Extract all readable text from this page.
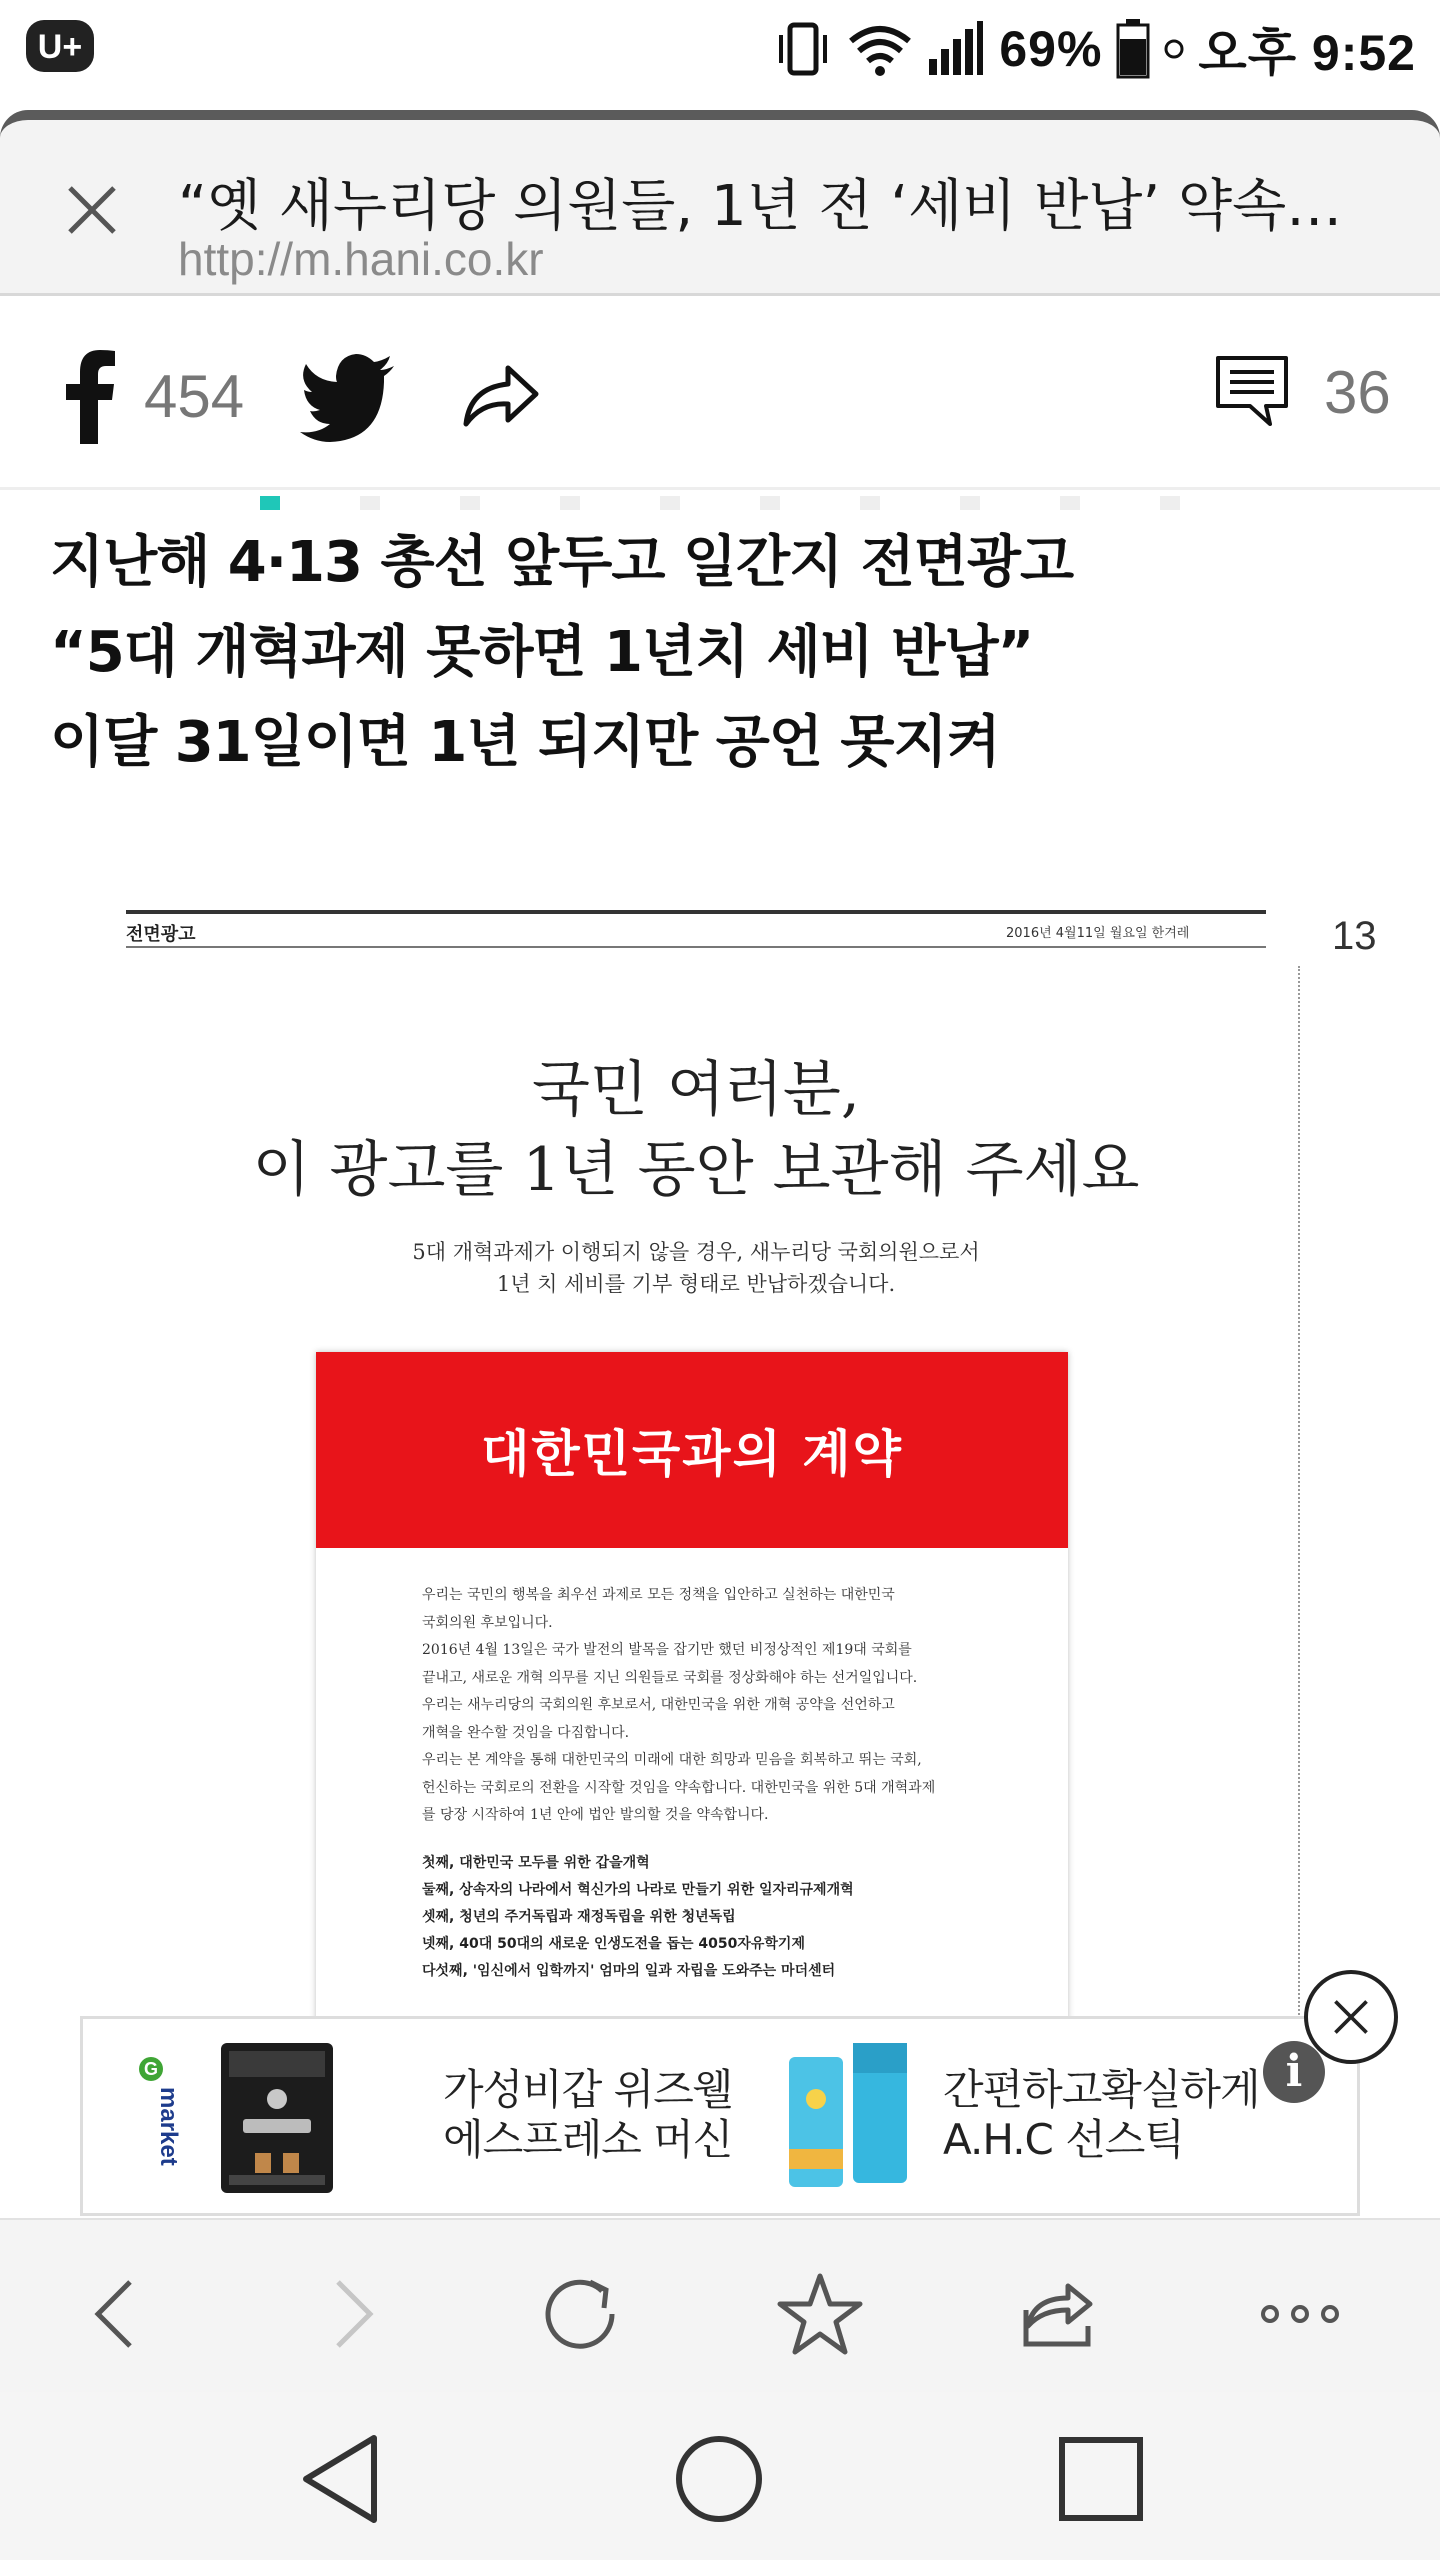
U+	69% 오후 9:52
“옛 새누리당 의원들, 1년 전 ‘세비 반납’ 약속…
http://m.hani.co.kr
454	36
지난해 4·13 총선 앞두고 일간지 전면광고
“5대 개혁과제 못하면 1년치 세비 반납”
이달 31일이면 1년 되지만 공언 못지켜
전면광고	2016년 4월11일 월요일 한겨레	13
국민 여러분,
이 광고를 1년 동안 보관해 주세요
5대 개혁과제가 이행되지 않을 경우, 새누리당 국회의원으로서
1년 치 세비를 기부 형태로 반납하겠습니다.
대한민국과의 계약

우리는 국민의 행복을 최우선 과제로 모든 정책을 입안하고 실천하는 대한민국

국회의원 후보입니다.

2016년 4월 13일은 국가 발전의 발목을 잡기만 했던 비정상적인 제19대 국회를

끝내고, 새로운 개혁 의무를 지닌 의원들로 국회를 정상화해야 하는 선거일입니다.

우리는 새누리당의 국회의원 후보로서, 대한민국을 위한 개혁 공약을 선언하고

개혁을 완수할 것임을 다짐합니다.

우리는 본 계약을 통해 대한민국의 미래에 대한 희망과 믿음을 회복하고 뛰는 국회,

헌신하는 국회로의 전환을 시작할 것임을 약속합니다. 대한민국을 위한 5대 개혁과제

를 당장 시작하여 1년 안에 법안 발의할 것을 약속합니다.

첫째, 대한민국 모두를 위한 갑을개혁

둘째, 상속자의 나라에서 혁신가의 나라로 만들기 위한 일자리규제개혁

셋째, 청년의 주거독립과 재정독립을 위한 청년독립

넷째, 40대 50대의 새로운 인생도전을 돕는 4050자유학기제

다섯째, '임신에서 입학까지' 엄마의 일과 자립을 도와주는 마더센터

G
market	가성비갑 위즈웰
에스프레소 머신
간편하고확실하게
A.H.C 선스틱
i
